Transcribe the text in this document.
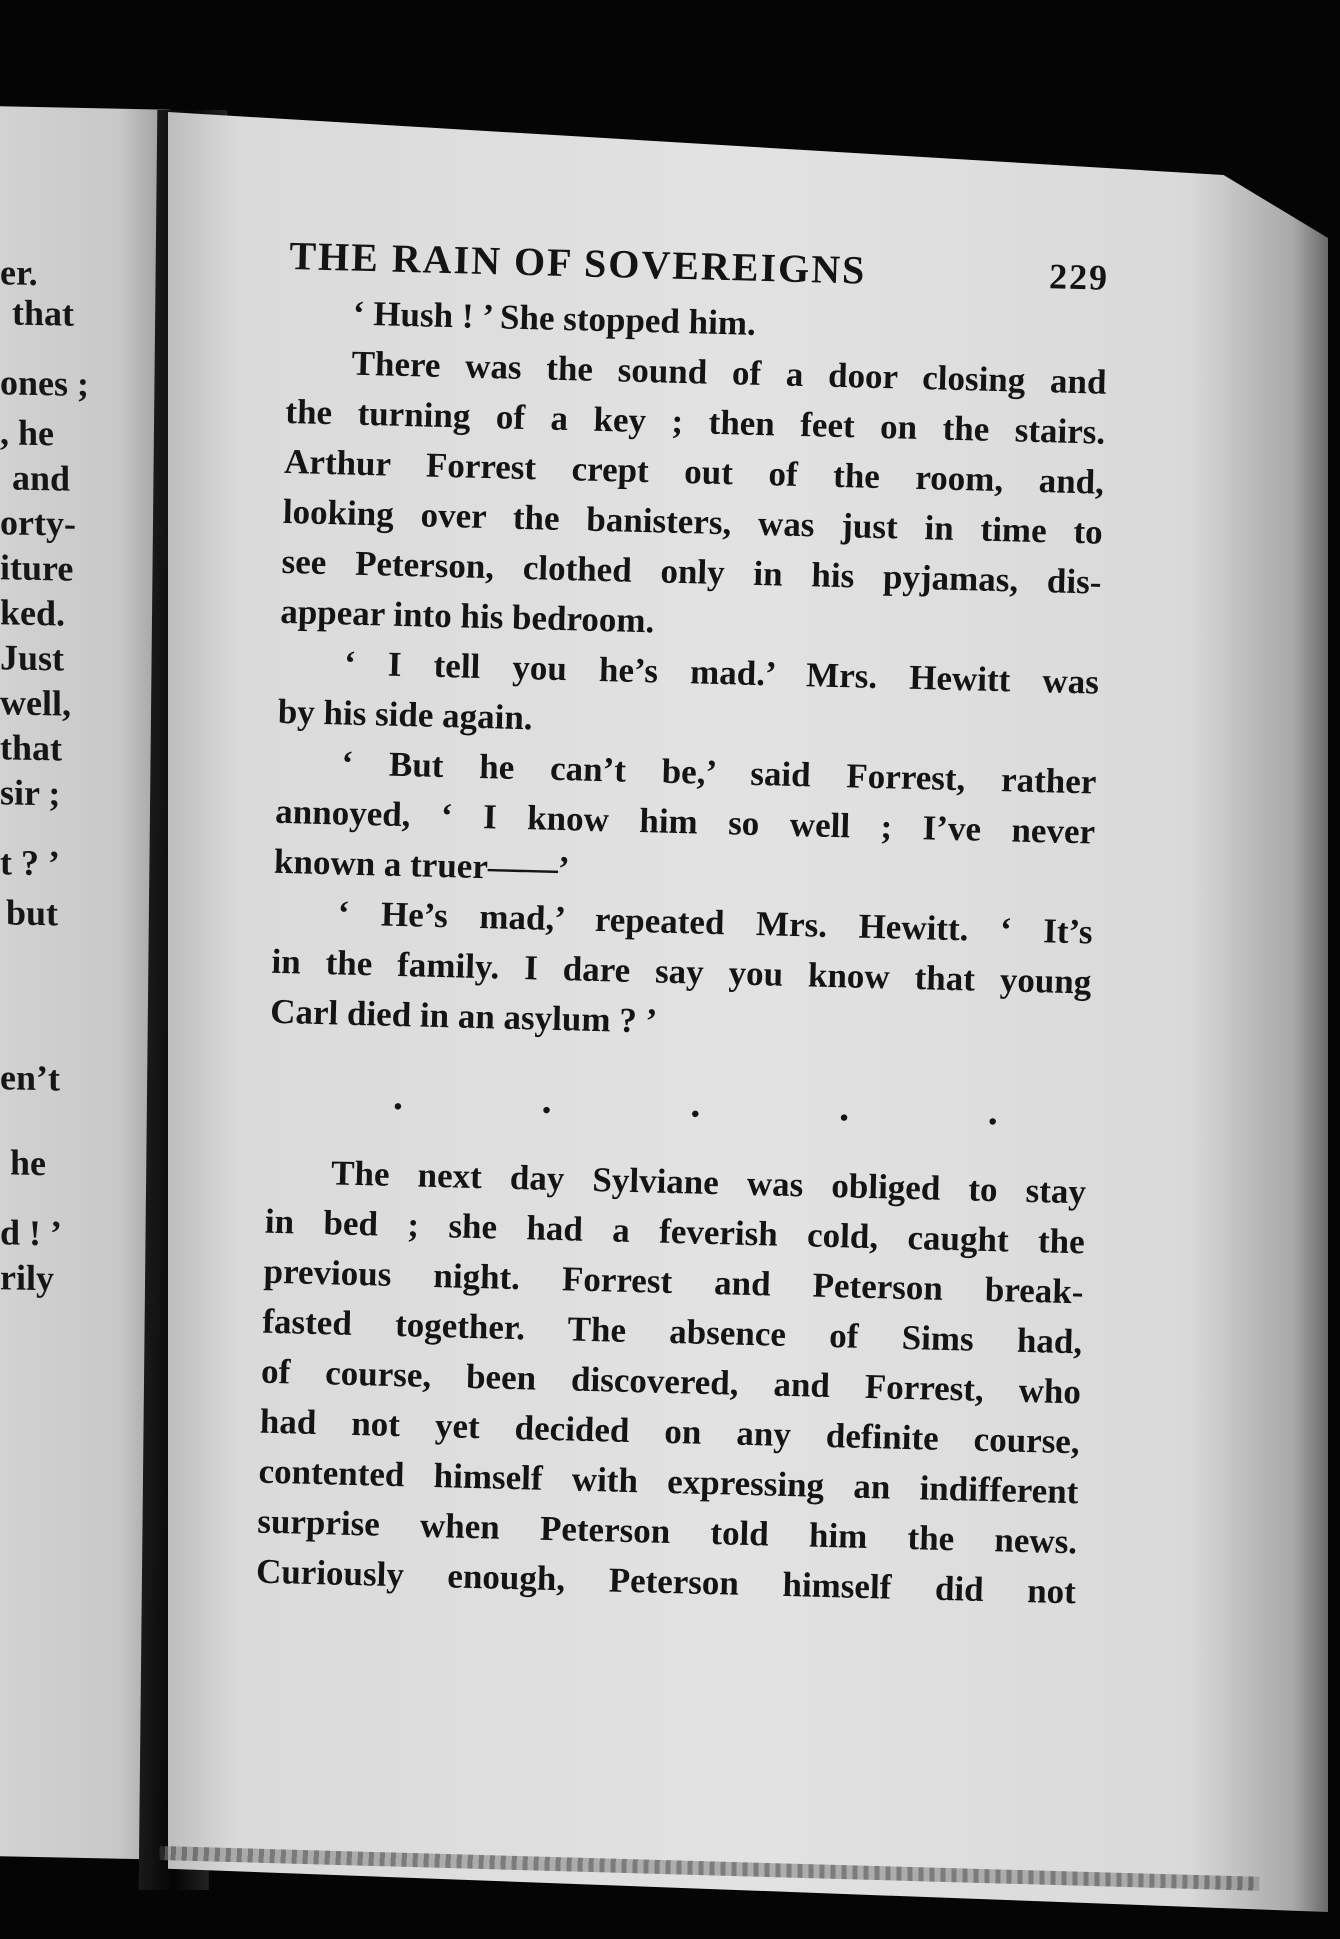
er.
that
ones ;
, he
and
orty-
iture
ked.
Just
well,
that
sir ;
t ? ’
but
en’t
he
d ! ’
rily
THE RAIN OF SOVEREIGNS	229
‘ Hush ! ’ She stopped him.
There was the sound of a door closing and
the turning of a key ; then feet on the stairs.
Arthur Forrest crept out of the room, and,
looking over the banisters, was just in time to
see Peterson, clothed only in his pyjamas, dis-
appear into his bedroom.
‘ I tell you he’s mad.’ Mrs. Hewitt was
by his side again.
‘ But he can’t be,’ said Forrest, rather
annoyed, ‘ I know him so well ; I’ve never
known a truer——’
‘ He’s mad,’ repeated Mrs. Hewitt. ‘ It’s
in the family. I dare say you know that young
Carl died in an asylum ? ’
.	.	.	.	.
The next day Sylviane was obliged to stay
in bed ; she had a feverish cold, caught the
previous night. Forrest and Peterson break-
fasted together. The absence of Sims had,
of course, been discovered, and Forrest, who
had not yet decided on any definite course,
contented himself with expressing an indifferent
surprise when Peterson told him the news.
Curiously enough, Peterson himself did not
